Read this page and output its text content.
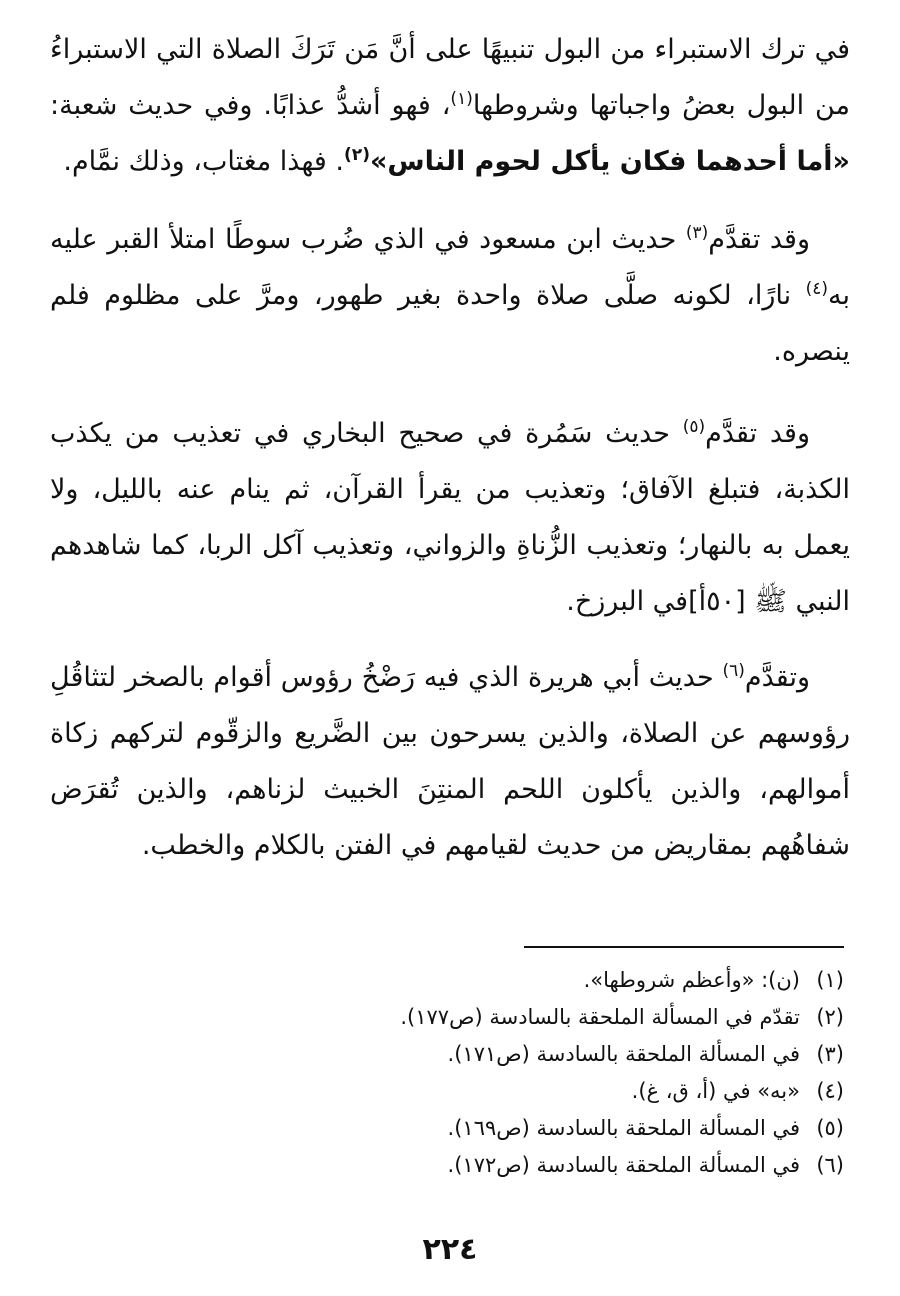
في ترك الاستبراء من البول تنبيهًا على أنَّ مَن تَرَكَ الصلاة التي الاستبراءُ من البول بعضُ واجباتها وشروطها$^{(١)}$، فهو أشدُّ عذابًا. وفي حديث شعبة: «أما أحدهما فكان يأكل لحوم الناس»$^{(٢)}$. فهذا مغتاب، وذلك نمَّام.

وقد تقدَّم$^{(٣)}$ حديث ابن مسعود في الذي ضُرب سوطًا امتلأ القبر عليه به$^{(٤)}$ نارًا، لكونه صلَّى صلاة واحدة بغير طهور، ومرَّ على مظلوم فلم ينصره.

وقد تقدَّم$^{(٥)}$ حديث سَمُرة في صحيح البخاري في تعذيب من يكذب الكذبة، فتبلغ الآفاق؛ وتعذيب من يقرأ القرآن، ثم ينام عنه بالليل، ولا يعمل به بالنهار؛ وتعذيب الزُّناةِ والزواني، وتعذيب آكل الربا، كما شاهدهم النبي ﷺ [٥٠أ]في البرزخ.

وتقدَّم$^{(٦)}$ حديث أبي هريرة الذي فيه رَضْخُ رؤوس أقوام بالصخر لتثاقُلِ رؤوسهم عن الصلاة، والذين يسرحون بين الضَّريع والزقّوم لتركهم زكاة أموالهم، والذين يأكلون اللحم المنتِنَ الخبيث لزناهم، والذين تُقرَض شفاهُهم بمقاريض من حديث لقيامهم في الفتن بالكلام والخطب.

(١)(ن): «وأعظم شروطها».
(٢)تقدّم في المسألة الملحقة بالسادسة (ص١٧٧).
(٣)في المسألة الملحقة بالسادسة (ص١٧١).
(٤)«به» في (أ، ق، غ).
(٥)في المسألة الملحقة بالسادسة (ص١٦٩).
(٦)في المسألة الملحقة بالسادسة (ص١٧٢).
٢٢٤
